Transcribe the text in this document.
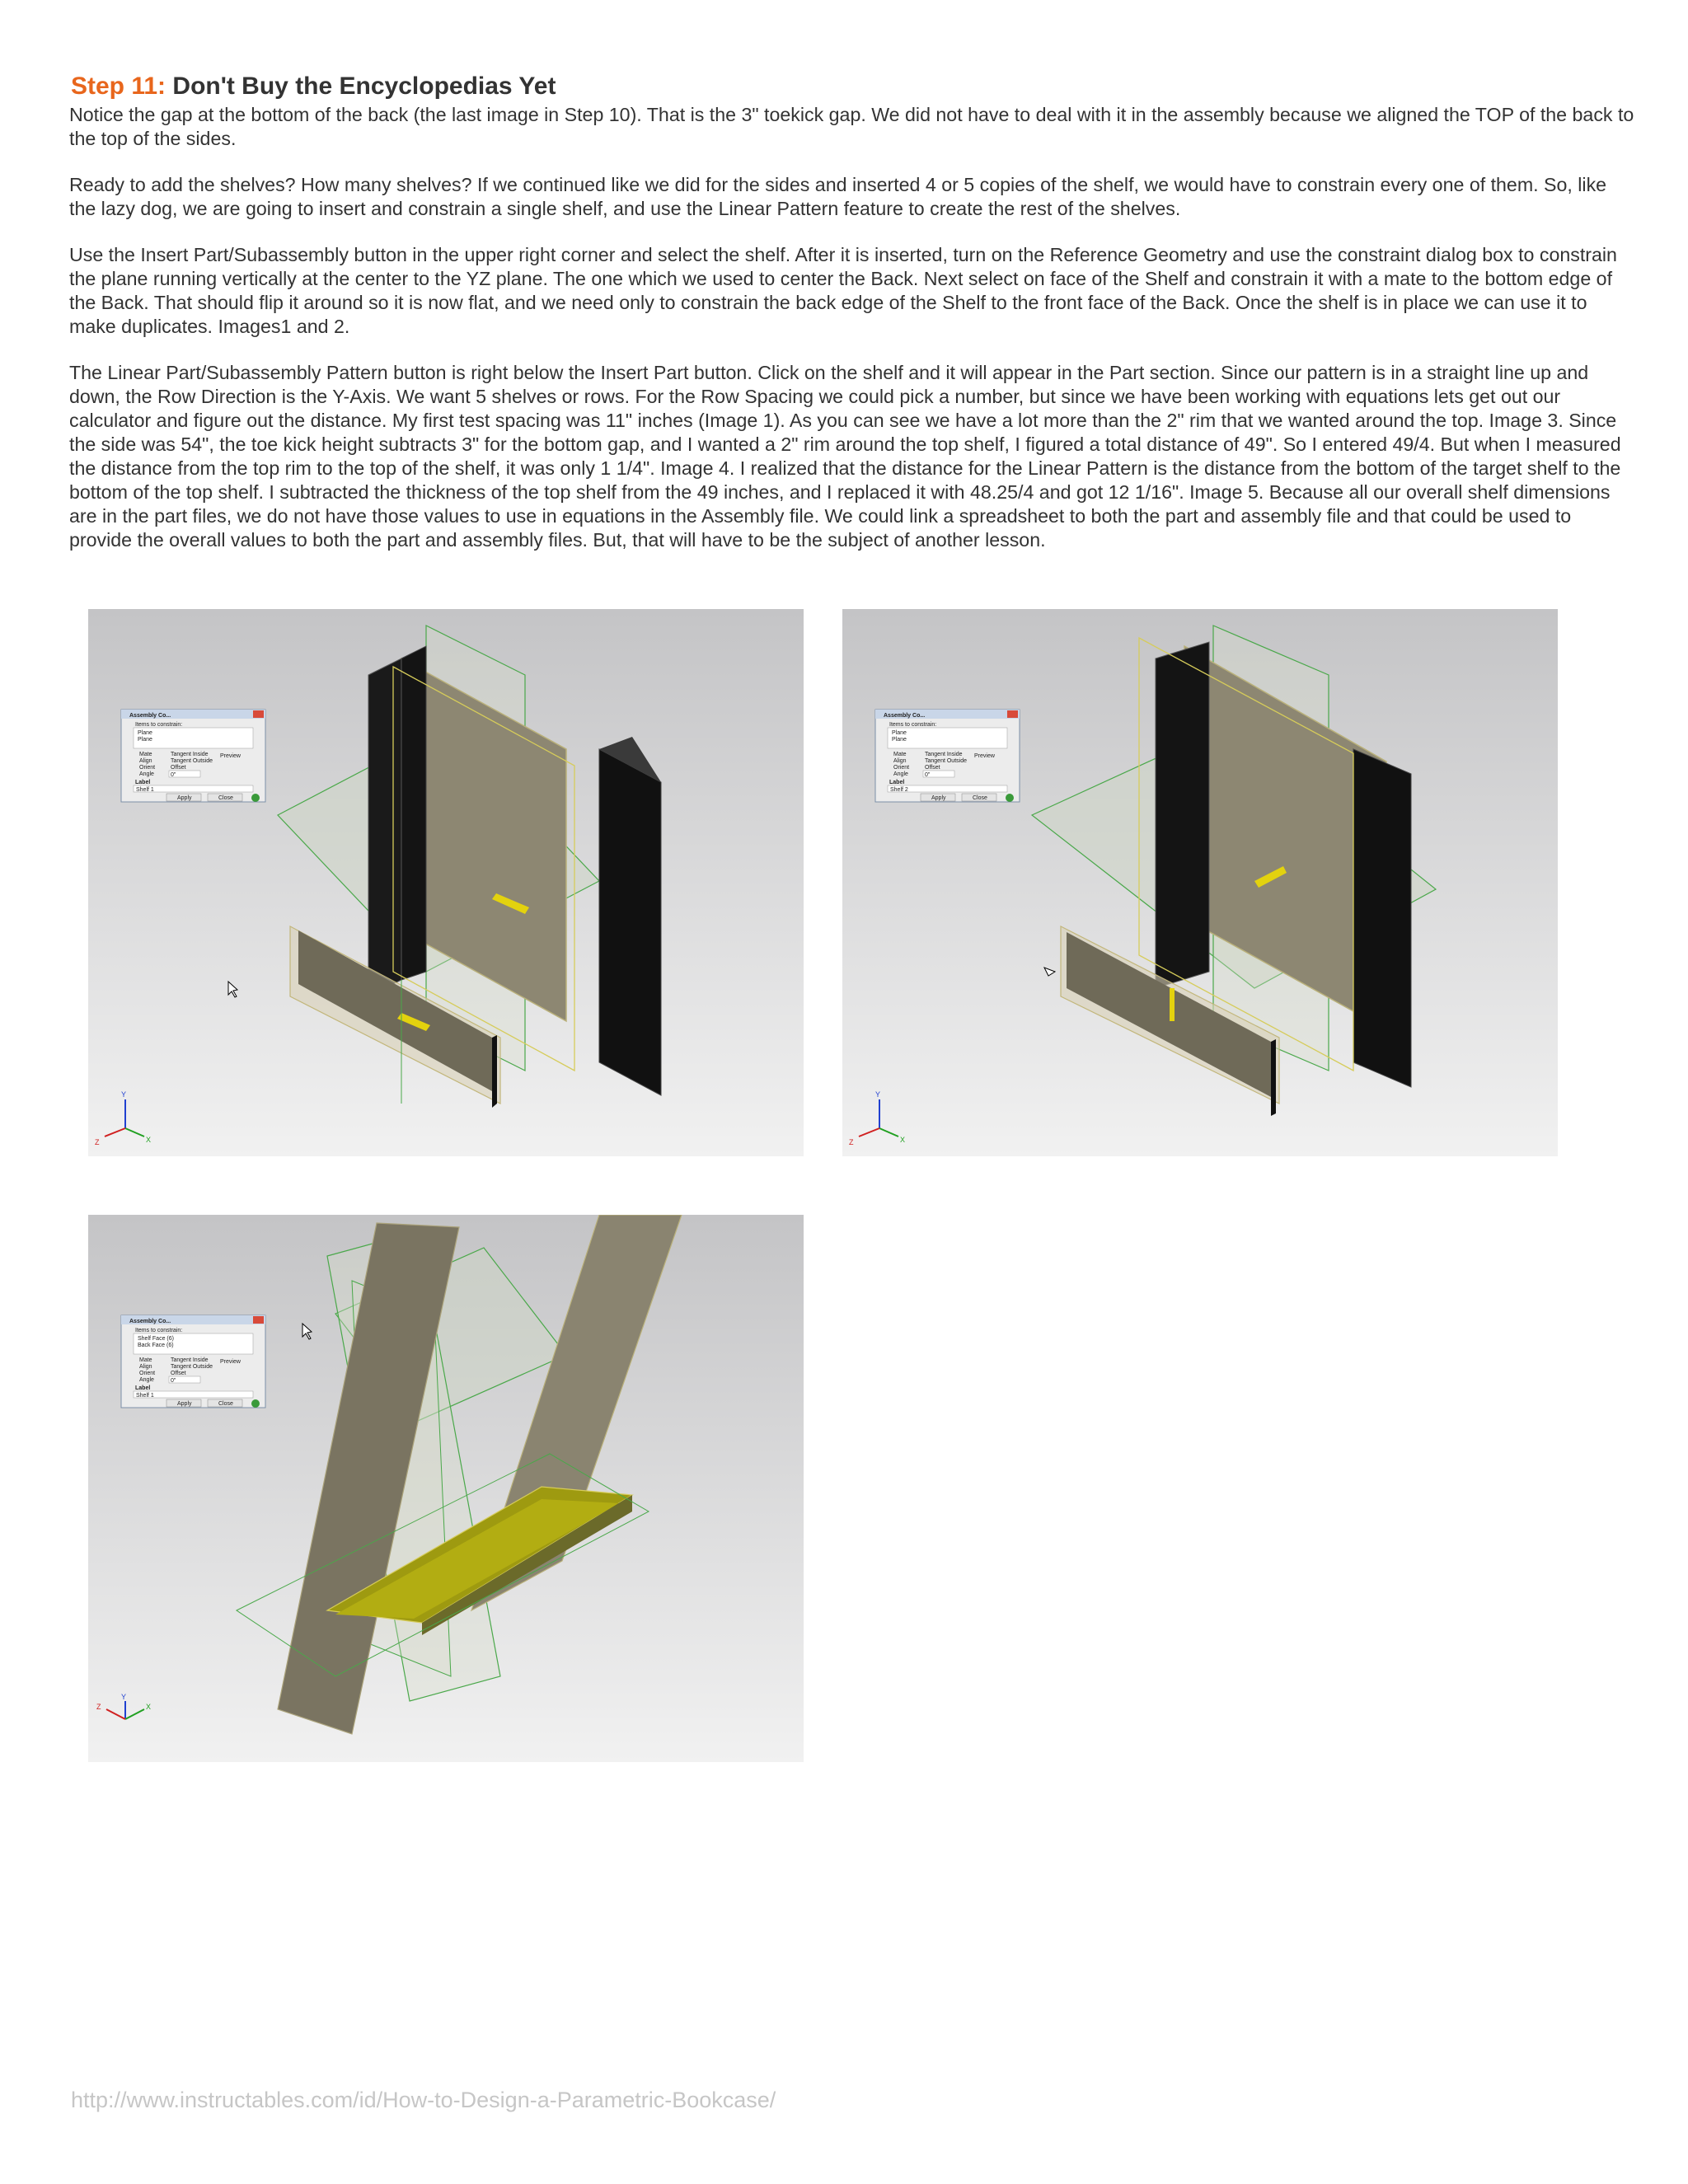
Step 11: Don't Buy the Encyclopedias Yet

Notice the gap at the bottom of the back (the last image in Step 10). That is the 3" toekick gap. We did not have to deal with it in the assembly because we aligned the TOP of the back to the top of the sides.

Ready to add the shelves? How many shelves? If we continued like we did for the sides and inserted 4 or 5 copies of the shelf, we would have to constrain every one of them. So, like the lazy dog, we are going to insert and constrain a single shelf, and use the Linear Pattern feature to create the rest of the shelves.

Use the Insert Part/Subassembly button in the upper right corner and select the shelf. After it is inserted, turn on the Reference Geometry and use the constraint dialog box to constrain the plane running vertically at the center to the YZ plane. The one which we used to center the Back. Next select on face of the Shelf and constrain it with a mate to the bottom edge of the Back. That should flip it around so it is now flat, and we need only to constrain the back edge of the Shelf to the front face of the Back. Once the shelf is in place we can use it to make duplicates. Images1 and 2.

The Linear Part/Subassembly Pattern button is right below the Insert Part button. Click on the shelf and it will appear in the Part section. Since our pattern is in a straight line up and down, the Row Direction is the Y-Axis. We want 5 shelves or rows. For the Row Spacing we could pick a number, but since we have been working with equations lets get out our calculator and figure out the distance. My first test spacing was 11" inches (Image 1). As you can see we have a lot more than the 2" rim that we wanted around the top. Image 3. Since the side was 54", the toe kick height subtracts 3" for the bottom gap, and I wanted a 2" rim around the top shelf, I figured a total distance of 49". So I entered 49/4. But when I measured the distance from the top rim to the top of the shelf, it was only 1 1/4". Image 4. I realized that the distance for the Linear Pattern is the distance from the bottom of the target shelf to the bottom of the top shelf. I subtracted the thickness of the top shelf from the 49 inches, and I replaced it with 48.25/4 and got 12 1/16". Image 5. Because all our overall shelf dimensions are in the part files, we do not have those values to use in equations in the Assembly file. We could link a spreadsheet to both the part and assembly file and that could be used to provide the overall values to both the part and assembly files. But, that will have to be the subject of another lesson.

Assembly Co...
Items to constrain:
Plane
Plane
Mate
Align
Orient
Angle
Tangent Inside
Tangent Outside
Preview
Offset
0"
Label
Shelf 1
Apply	Close
Y
X
Z
Assembly Co...
Items to constrain:
Plane
Plane
Mate
Align
Orient
Angle
Tangent Inside
Tangent Outside
Preview
Offset
0"
Label
Shelf 2
Apply	Close
Y
X
Z
Assembly Co...
Items to constrain:
Shelf Face (6)
Back Face (6)
Mate
Align
Orient
Angle
Tangent Inside
Tangent Outside
Preview
Offset
0"
Label
Shelf 1
Apply	Close
Y
X
Z
http://www.instructables.com/id/How-to-Design-a-Parametric-Bookcase/
